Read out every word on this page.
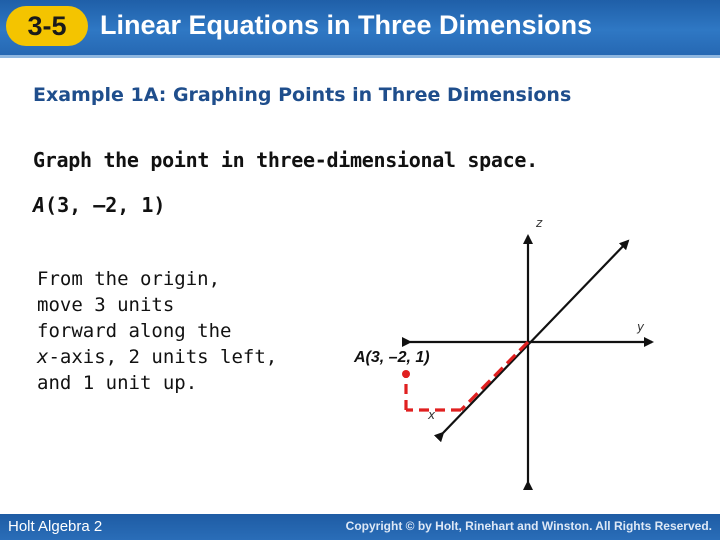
3-5	Linear Equations in Three Dimensions
Example 1A: Graphing Points in Three Dimensions
Graph the point in three-dimensional space.
A(3, –2, 1)
From the origin,
move 3 units
forward along the
x-axis, 2 units left,
and 1 unit up.
z
y
x
A(3, –2, 1)
Holt Algebra 2	Copyright © by Holt, Rinehart and Winston. All Rights Reserved.
